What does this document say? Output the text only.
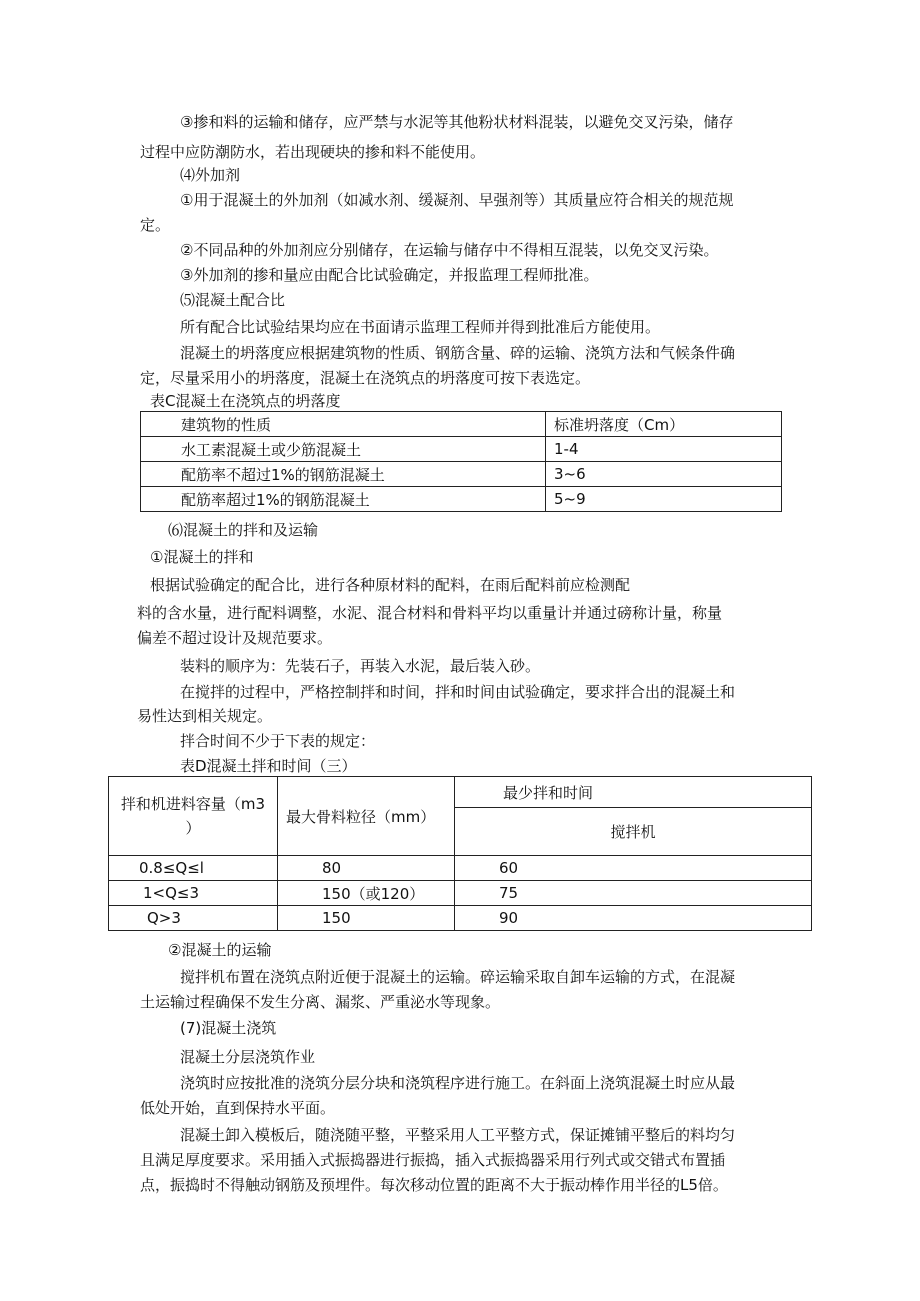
③掺和料的运输和储存，应严禁与水泥等其他粉状材料混装，以避免交叉污染，储存
过程中应防潮防水，若出现硬块的掺和料不能使用。
⑷外加剂
①用于混凝土的外加剂（如减水剂、缓凝剂、早强剂等）其质量应符合相关的规范规
定。
②不同品种的外加剂应分别储存，在运输与储存中不得相互混装，以免交叉污染。
③外加剂的掺和量应由配合比试验确定，并报监理工程师批准。
⑸混凝土配合比
所有配合比试验结果均应在书面请示监理工程师并得到批准后方能使用。
混凝土的坍落度应根据建筑物的性质、钢筋含量、碎的运输、浇筑方法和气候条件确
定，尽量采用小的坍落度，混凝土在浇筑点的坍落度可按下表选定。
表C混凝土在浇筑点的坍落度
建筑物的性质	标准坍落度（Cm）
水工素混凝土或少筋混凝土	1-4
配筋率不超过1%的钢筋混凝土	3~6
配筋率超过1%的钢筋混凝土	5~9
⑹混凝土的拌和及运输
①混凝土的拌和
根据试验确定的配合比，进行各种原材料的配料，在雨后配料前应检测配
料的含水量，进行配料调整，水泥、混合材料和骨料平均以重量计并通过磅称计量，称量
偏差不超过设计及规范要求。
装料的顺序为：先装石子，再装入水泥，最后装入砂。
在搅拌的过程中，严格控制拌和时间，拌和时间由试验确定，要求拌合出的混凝土和
易性达到相关规定。
拌合时间不少于下表的规定：
表D混凝土拌和时间（三）
拌和机进料容量（m3
）	最大骨料粒径（mm）	最少拌和时间
		搅拌机
0.8≤Q≤l	80	60
1<Q≤3	150（或120）	75
Q>3	150	90
②混凝土的运输
搅拌机布置在浇筑点附近便于混凝土的运输。碎运输采取自卸车运输的方式，在混凝
土运输过程确保不发生分离、漏浆、严重泌水等现象。
(7)混凝土浇筑
混凝土分层浇筑作业
浇筑时应按批准的浇筑分层分块和浇筑程序进行施工。在斜面上浇筑混凝土时应从最
低处开始，直到保持水平面。
混凝土卸入模板后，随浇随平整，平整采用人工平整方式，保证摊铺平整后的料均匀
且满足厚度要求。采用插入式振捣器进行振捣，插入式振捣器采用行列式或交错式布置插
点，振捣时不得触动钢筋及预埋件。每次移动位置的距离不大于振动棒作用半径的L5倍。
